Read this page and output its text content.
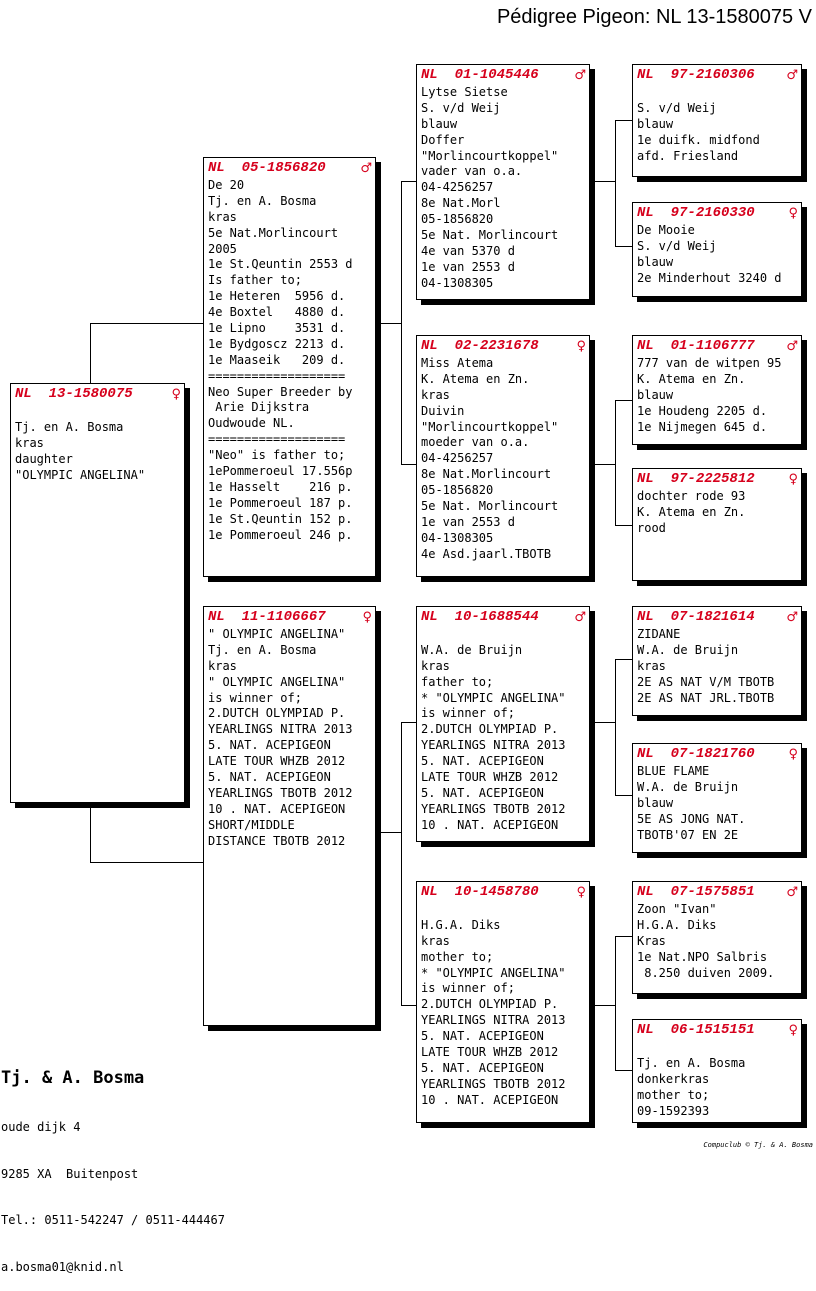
Pédigree Pigeon: NL 13-1580075 V
NL 13-1580075	♀
Tj. en A. Bosma
kras
daughter
"OLYMPIC ANGELINA"
NL 05-1856820	♂
De 20
Tj. en A. Bosma
kras
5e Nat.Morlincourt
2005
1e St.Qeuntin 2553 d
Is father to;
1e Heteren  5956 d.
4e Boxtel   4880 d.
1e Lipno    3531 d.
1e Bydgoscz 2213 d.
1e Maaseik   209 d.
===================
Neo Super Breeder by
Arie Dijkstra
Oudwoude NL.
===================
"Neo" is father to;
1ePommeroeul 17.556p
1e Hasselt    216 p.
1e Pommeroeul 187 p.
1e St.Qeuntin 152 p.
1e Pommeroeul 246 p.
NL 11-1106667	♀
" OLYMPIC ANGELINA"
Tj. en A. Bosma
kras
" OLYMPIC ANGELINA"
is winner of;
2.DUTCH OLYMPIAD P.
YEARLINGS NITRA 2013
5. NAT. ACEPIGEON
LATE TOUR WHZB 2012
5. NAT. ACEPIGEON
YEARLINGS TBOTB 2012
10 . NAT. ACEPIGEON
SHORT/MIDDLE
DISTANCE TBOTB 2012
NL 01-1045446	♂
Lytse Sietse
S. v/d Weij
blauw
Doffer
"Morlincourtkoppel"
vader van o.a.
04-4256257
8e Nat.Morl
05-1856820
5e Nat. Morlincourt
4e van 5370 d
1e van 2553 d
04-1308305
NL 02-2231678	♀
Miss Atema
K. Atema en Zn.
kras
Duivin
"Morlincourtkoppel"
moeder van o.a.
04-4256257
8e Nat.Morlincourt
05-1856820
5e Nat. Morlincourt
1e van 2553 d
04-1308305
4e Asd.jaarl.TBOTB
NL 10-1688544	♂
W.A. de Bruijn
kras
father to;
* "OLYMPIC ANGELINA"
is winner of;
2.DUTCH OLYMPIAD P.
YEARLINGS NITRA 2013
5. NAT. ACEPIGEON
LATE TOUR WHZB 2012
5. NAT. ACEPIGEON
YEARLINGS TBOTB 2012
10 . NAT. ACEPIGEON
NL 10-1458780	♀
H.G.A. Diks
kras
mother to;
* "OLYMPIC ANGELINA"
is winner of;
2.DUTCH OLYMPIAD P.
YEARLINGS NITRA 2013
5. NAT. ACEPIGEON
LATE TOUR WHZB 2012
5. NAT. ACEPIGEON
YEARLINGS TBOTB 2012
10 . NAT. ACEPIGEON
NL 97-2160306 ♂
S. v/d Weij
blauw
1e duifk. midfond
afd. Friesland
NL 97-2160330	♀
De Mooie
S. v/d Weij
blauw
2e Minderhout 3240 d
NL 01-1106777 ♂
777 van de witpen 95
K. Atema en Zn.
blauw
1e Houdeng 2205 d.
1e Nijmegen 645 d.
NL 97-2225812	♀
dochter rode 93
K. Atema en Zn.
rood
NL 07-1821614 ♂
ZIDANE
W.A. de Bruijn
kras
2E AS NAT V/M TBOTB
2E AS NAT JRL.TBOTB
NL 07-1821760	♀
BLUE FLAME
W.A. de Bruijn
blauw
5E AS JONG NAT.
TBOTB'07 EN 2E
NL 07-1575851 ♂
Zoon "Ivan"
H.G.A. Diks
Kras
1e Nat.NPO Salbris
8.250 duiven 2009.
NL 06-1515151	♀
Tj. en A. Bosma
donkerkras
mother to;
09-1592393

Tj. & A. Bosma

oude dijk 4

9285 XA  Buitenpost

Tel.: 0511-542247 / 0511-444467

a.bosma01@knid.nl

Compuclub © Tj. & A. Bosma
